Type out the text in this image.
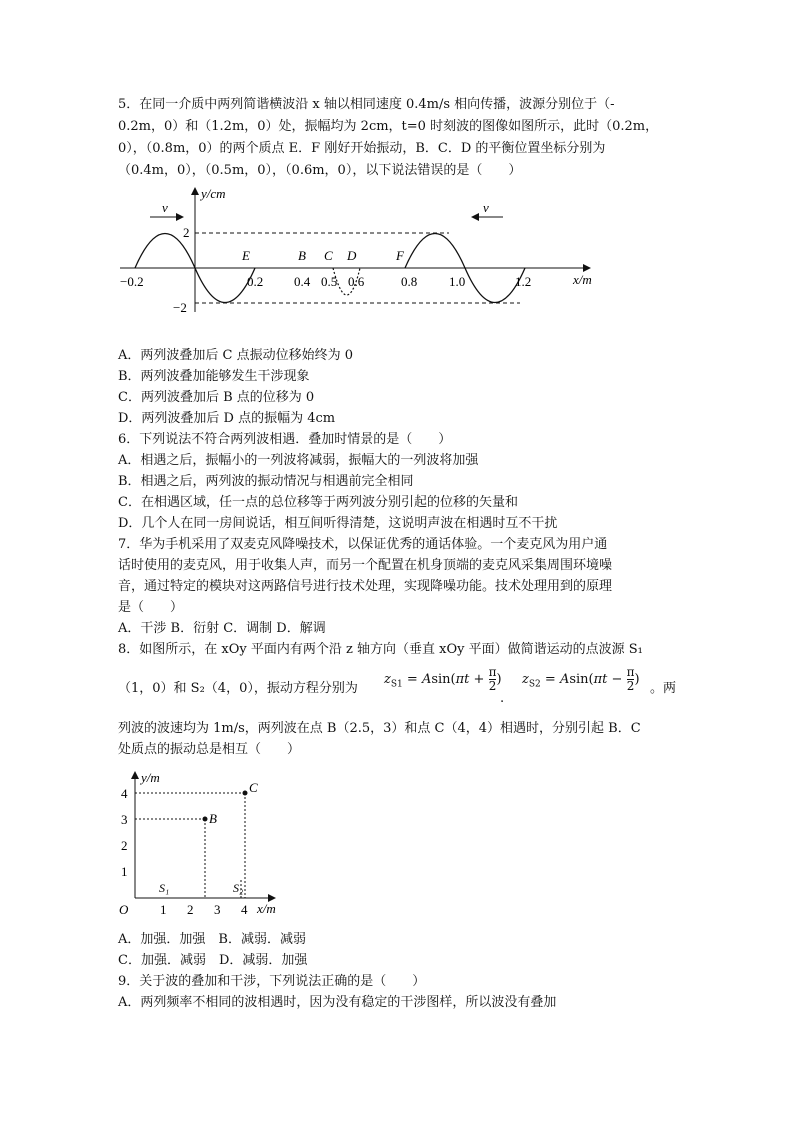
5．在同一介质中两列简谐横波沿 x 轴以相同速度 0.4m/s 相向传播，波源分别位于（-
0.2m，0）和（1.2m，0）处，振幅均为 2cm，t=0 时刻波的图像如图所示，此时（0.2m，
0），（0.8m，0）的两个质点 E．F 刚好开始振动，B．C．D 的平衡位置坐标分别为
（0.4m，0），（0.5m，0），（0.6m，0），以下说法错误的是（　　）
y/cm
x/m
2
−2
v	v
E	B C D	F
−0.2	0.2 0.4 0.5 0.6	0.8 1.0	1.2
A．两列波叠加后 C 点振动位移始终为 0
B．两列波叠加能够发生干涉现象
C．两列波叠加后 B 点的位移为 0
D．两列波叠加后 D 点的振幅为 4cm
6．下列说法不符合两列波相遇．叠加时情景的是（　　）
A．相遇之后，振幅小的一列波将减弱，振幅大的一列波将加强
B．相遇之后，两列波的振动情况与相遇前完全相同
C．在相遇区域，任一点的总位移等于两列波分别引起的位移的矢量和
D．几个人在同一房间说话，相互间听得清楚，这说明声波在相遇时互不干扰
7．华为手机采用了双麦克风降噪技术，以保证优秀的通话体验。一个麦克风为用户通
话时使用的麦克风，用于收集人声，而另一个配置在机身顶端的麦克风采集周围环境噪
音，通过特定的模块对这两路信号进行技术处理，实现降噪功能。技术处理用到的原理
是（　　）
A．干涉 B．衍射 C．调制 D．解调
8．如图所示，在 xOy 平面内有两个沿 z 轴方向（垂直 xOy 平面）做简谐运动的点波源 S₁
（1，0）和 S₂（4，0），振动方程分别为
$z_{S1} = Asin(\pi t + \frac{\pi}{2}$ ) $z_{S2} = Asin(\pi t - \frac{\pi}{2}$ )
.
。两
列波的波速均为 1m/s，两列波在点 B（2.5，3）和点 C（4，4）相遇时，分别引起 B．C
处质点的振动总是相互（　　）
y/m
x/m
O
4
3
2
1
1 2 3 4
B
C
S₁	S₂
A．加强．加强　B．减弱．减弱
C．加强．减弱　D．减弱．加强
9．关于波的叠加和干涉，下列说法正确的是（　　）
A．两列频率不相同的波相遇时，因为没有稳定的干涉图样，所以波没有叠加
